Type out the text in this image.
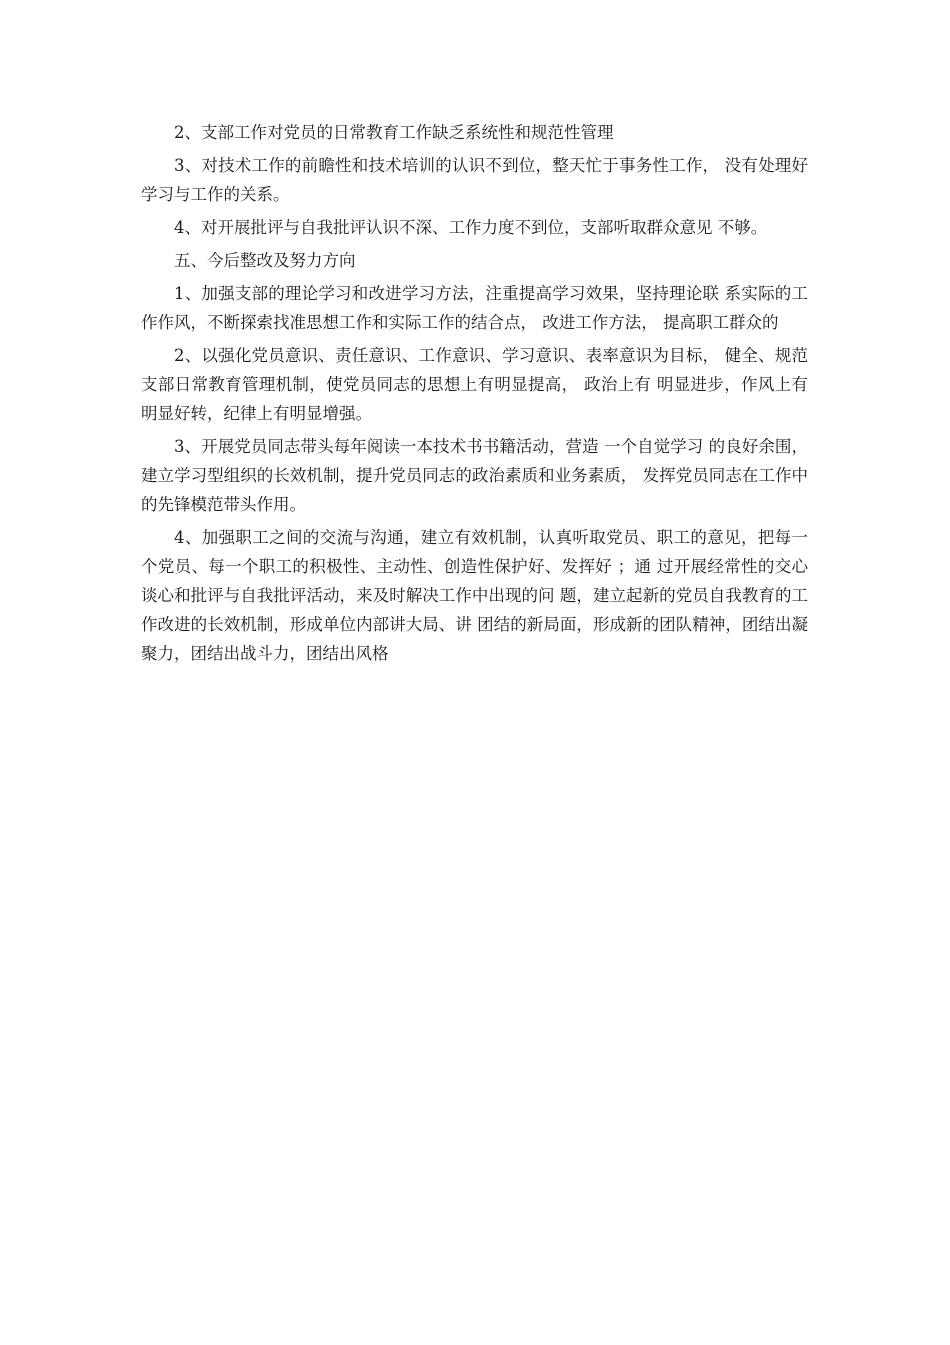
2、支部工作对党员的日常教育工作缺乏系统性和规范性管理

3、对技术工作的前瞻性和技术培训的认识不到位，整天忙于事务性工作， 没有处理好学习与工作的关系。

4、对开展批评与自我批评认识不深、工作力度不到位，支部听取群众意见 不够。

五、今后整改及努力方向

1、加强支部的理论学习和改进学习方法，注重提高学习效果，坚持理论联 系实际的工作作风，不断探索找准思想工作和实际工作的结合点， 改进工作方法， 提高职工群众的

2、以强化党员意识、责任意识、工作意识、学习意识、表率意识为目标， 健全、规范支部日常教育管理机制，使党员同志的思想上有明显提高， 政治上有 明显进步，作风上有明显好转，纪律上有明显增强。

3、开展党员同志带头每年阅读一本技术书书籍活动，营造 一个自觉学习 的良好余围，建立学习型组织的长效机制，提升党员同志的政治素质和业务素质， 发挥党员同志在工作中的先锋模范带头作用。

4、加强职工之间的交流与沟通，建立有效机制，认真听取党员、职工的意见，把每一个党员、每一个职工的积极性、主动性、创造性保护好、发挥好 ；通 过开展经常性的交心谈心和批评与自我批评活动，来及时解决工作中出现的问 题，建立起新的党员自我教育的工作改进的长效机制，形成单位内部讲大局、讲 团结的新局面，形成新的团队精神，团结出凝聚力，团结出战斗力，团结出风格
